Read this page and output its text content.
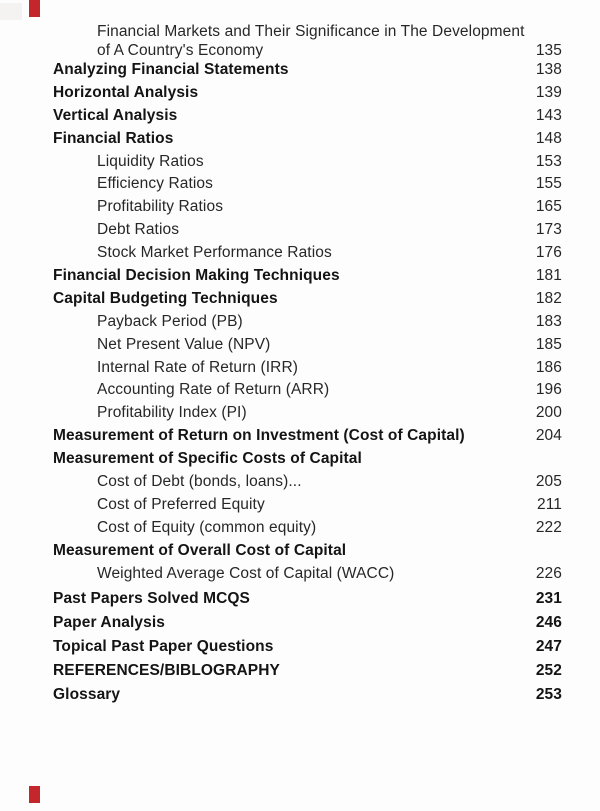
Financial Markets and Their Significance in The Development
of A Country's Economy	135
Analyzing Financial Statements	138
Horizontal Analysis	139
Vertical Analysis	143
Financial Ratios	148
Liquidity Ratios	153
Efficiency Ratios	155
Profitability Ratios	165
Debt Ratios	173
Stock Market Performance Ratios	176
Financial Decision Making Techniques	181
Capital Budgeting Techniques	182
Payback Period (PB)	183
Net Present Value (NPV)	185
Internal Rate of Return (IRR)	186
Accounting Rate of Return (ARR)	196
Profitability Index (PI)	200
Measurement of Return on Investment (Cost of Capital)	204
Measurement of Specific Costs of Capital
Cost of Debt (bonds, loans)...	205
Cost of Preferred Equity	211
Cost of Equity (common equity)	222
Measurement of Overall Cost of Capital
Weighted Average Cost of Capital (WACC)	226
Past Papers Solved MCQS	231
Paper Analysis	246
Topical Past Paper Questions	247
REFERENCES/BIBLOGRAPHY	252
Glossary	253
